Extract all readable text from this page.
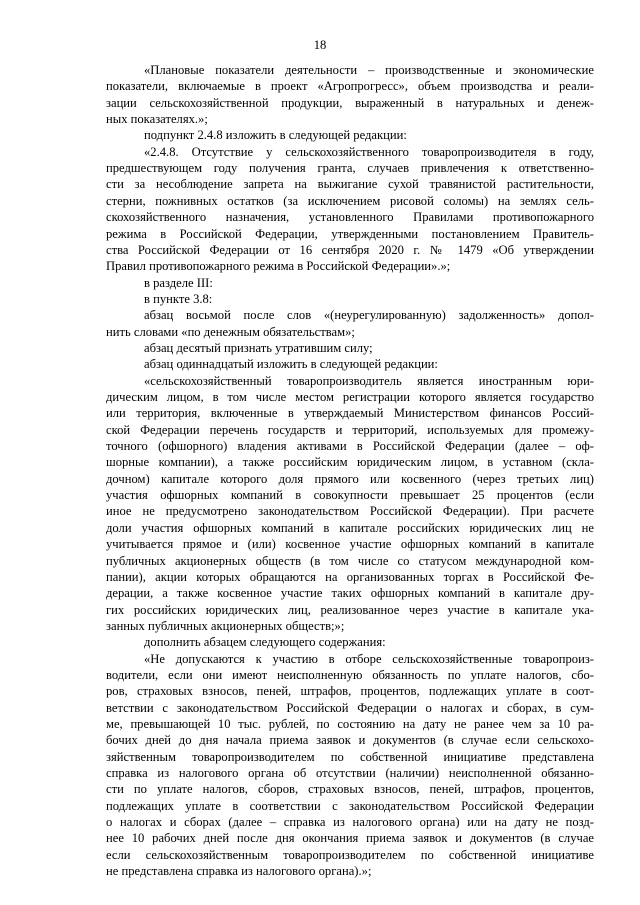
18
«Плановые показатели деятельности – производственные и экономические
показатели, включаемые в проект «Агропрогресс», объем производства и реали-
зации сельскохозяйственной продукции, выраженный в натуральных и денеж-
ных показателях.»;
подпункт 2.4.8 изложить в следующей редакции:
«2.4.8. Отсутствие у сельскохозяйственного товаропроизводителя в году,
предшествующем году получения гранта, случаев привлечения к ответственно-
сти за несоблюдение запрета на выжигание сухой травянистой растительности,
стерни, пожнивных остатков (за исключением рисовой соломы) на землях сель-
скохозяйственного назначения, установленного Правилами противопожарного
режима в Российской Федерации, утвержденными постановлением Правитель-
ства Российской Федерации от 16 сентября 2020 г. № 1479 «Об утверждении
Правил противопожарного режима в Российской Федерации».»;
в разделе III:
в пункте 3.8:
абзац восьмой после слов «(неурегулированную) задолженность» допол-
нить словами «по денежным обязательствам»;
абзац десятый признать утратившим силу;
абзац одиннадцатый изложить в следующей редакции:
«сельскохозяйственный товаропроизводитель является иностранным юри-
дическим лицом, в том числе местом регистрации которого является государство
или территория, включенные в утверждаемый Министерством финансов Россий-
ской Федерации перечень государств и территорий, используемых для промежу-
точного (офшорного) владения активами в Российской Федерации (далее – оф-
шорные компании), а также российским юридическим лицом, в уставном (скла-
дочном) капитале которого доля прямого или косвенного (через третьих лиц)
участия офшорных компаний в совокупности превышает 25 процентов (если
иное не предусмотрено законодательством Российской Федерации). При расчете
доли участия офшорных компаний в капитале российских юридических лиц не
учитывается прямое и (или) косвенное участие офшорных компаний в капитале
публичных акционерных обществ (в том числе со статусом международной ком-
пании), акции которых обращаются на организованных торгах в Российской Фе-
дерации, а также косвенное участие таких офшорных компаний в капитале дру-
гих российских юридических лиц, реализованное через участие в капитале ука-
занных публичных акционерных обществ;»;
дополнить абзацем следующего содержания:
«Не допускаются к участию в отборе сельскохозяйственные товаропроиз-
водители, если они имеют неисполненную обязанность по уплате налогов, сбо-
ров, страховых взносов, пеней, штрафов, процентов, подлежащих уплате в соот-
ветствии с законодательством Российской Федерации о налогах и сборах, в сум-
ме, превышающей 10 тыс. рублей, по состоянию на дату не ранее чем за 10 ра-
бочих дней до дня начала приема заявок и документов (в случае если сельскохо-
зяйственным товаропроизводителем по собственной инициативе представлена
справка из налогового органа об отсутствии (наличии) неисполненной обязанно-
сти по уплате налогов, сборов, страховых взносов, пеней, штрафов, процентов,
подлежащих уплате в соответствии с законодательством Российской Федерации
о налогах и сборах (далее – справка из налогового органа) или на дату не позд-
нее 10 рабочих дней после дня окончания приема заявок и документов (в случае
если сельскохозяйственным товаропроизводителем по собственной инициативе
не представлена справка из налогового органа).»;
